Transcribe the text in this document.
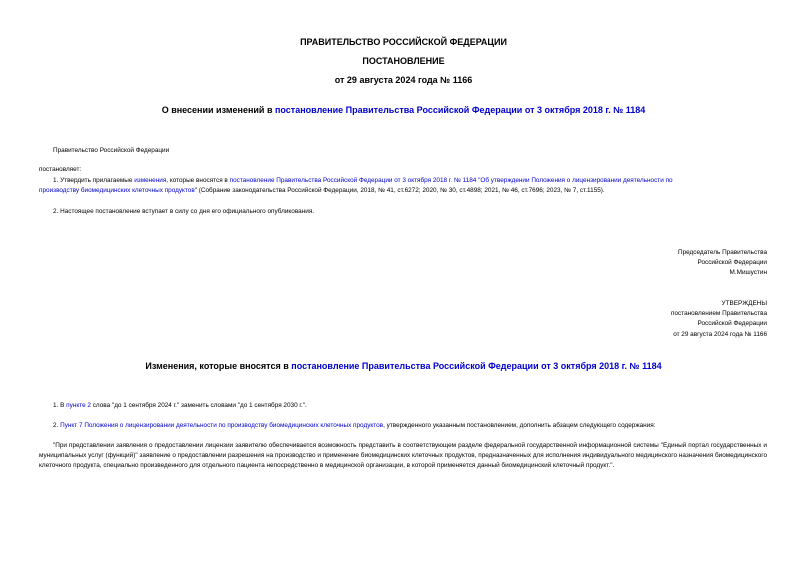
ПРАВИТЕЛЬСТВО РОССИЙСКОЙ ФЕДЕРАЦИИ
ПОСТАНОВЛЕНИЕ
от 29 августа 2024 года № 1166
О внесении изменений в постановление Правительства Российской Федерации от 3 октября 2018 г. № 1184
Правительство Российской Федерации
постановляет:
1. Утвердить прилагаемые изменения, которые вносятся в постановление Правительства Российской Федерации от 3 октября 2018 г. № 1184 "Об утверждении Положения о лицензировании деятельности по
производству биомедицинских клеточных продуктов" (Собрание законодательства Российской Федерации, 2018, № 41, ст.6272; 2020, № 30, ст.4898; 2021, № 46, ст.7696; 2023, № 7, ст.1155).
2. Настоящее постановление вступает в силу со дня его официального опубликования.
Председатель Правительства
Российской Федерации
М.Мишустин
УТВЕРЖДЕНЫ
постановлением Правительства
Российской Федерации
от 29 августа 2024 года № 1166
Изменения, которые вносятся в постановление Правительства Российской Федерации от 3 октября 2018 г. № 1184
1. В пункте 2 слова "до 1 сентября 2024 г." заменить словами "до 1 сентября 2030 г.".
2. Пункт 7 Положения о лицензировании деятельности по производству биомедицинских клеточных продуктов, утвержденного указанным постановлением, дополнить абзацем следующего содержания:
"При представлении заявления о предоставлении лицензии заявителю обеспечивается возможность представить в соответствующем разделе федеральной государственной информационной системы "Единый портал государственных и муниципальных услуг (функций)" заявление о предоставлении разрешения на производство и применение биомедицинских клеточных продуктов, предназначенных для исполнения индивидуального медицинского назначения биомедицинского клеточного продукта, специально произведенного для отдельного пациента непосредственно в медицинской организации, в которой применяется данный биомедицинский клеточный продукт.".
